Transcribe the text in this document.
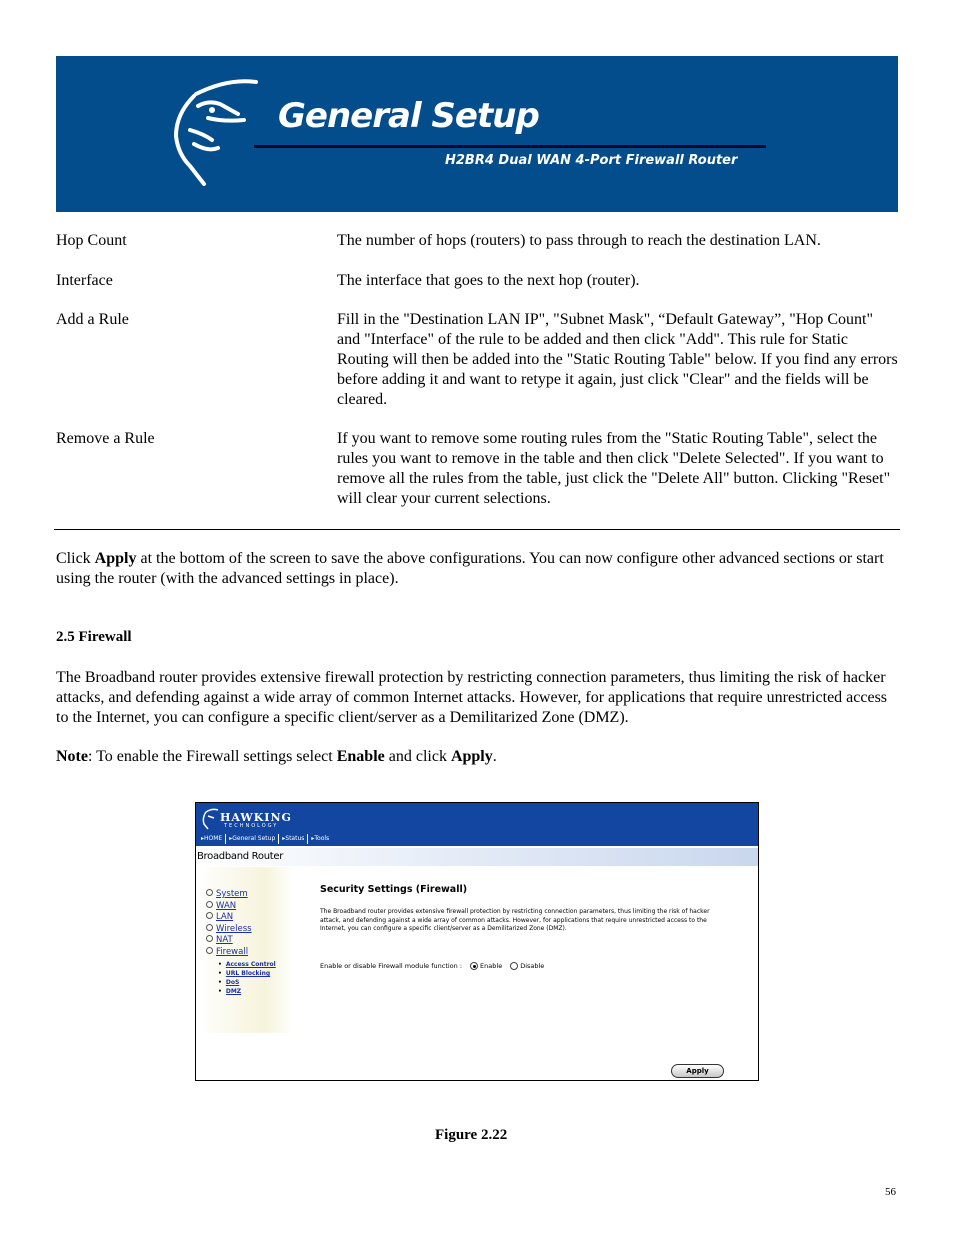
General Setup
H2BR4 Dual WAN 4-Port Firewall Router
Hop Count	The number of hops (routers) to pass through to reach the destination LAN.
Interface	The interface that goes to the next hop (router).
Add a Rule	Fill in the "Destination LAN IP", "Subnet Mask", “Default Gateway”, "Hop Count" and "Interface" of the rule to be added and then click "Add". This rule for Static Routing will then be added into the "Static Routing Table" below. If you find any errors before adding it and want to retype it again, just click "Clear" and the fields will be cleared.
Remove a Rule	If you want to remove some routing rules from the "Static Routing Table", select the rules you want to remove in the table and then click "Delete Selected". If you want to remove all the rules from the table, just click the "Delete All" button. Clicking "Reset" will clear your current selections.
Click Apply at the bottom of the screen to save the above configurations. You can now configure other advanced sections or start using the router (with the advanced settings in place).
2.5 Firewall
The Broadband router provides extensive firewall protection by restricting connection parameters, thus limiting the risk of hacker attacks, and defending against a wide array of common Internet attacks. However, for applications that require unrestricted access to the Internet, you can configure a specific client/server as a Demilitarized Zone (DMZ).
Note: To enable the Firewall settings select Enable and click Apply.
HAWKING
TECHNOLOGY
▸HOME	▸General Setup	▸Status	▸Tools
Broadband Router
System
WAN
LAN
Wireless
NAT
Firewall
• Access Control
• URL Blocking
• DoS
• DMZ
Security Settings (Firewall)
The Broadband router provides extensive firewall protection by restricting connection parameters, thus limiting the risk of hacker attack, and defending against a wide array of common attacks. However, for applications that require unrestricted access to the Internet, you can configure a specific client/server as a Demilitarized Zone (DMZ).
Enable or disable Firewall module function :	Enable	Disable
Apply
Figure 2.22
56
